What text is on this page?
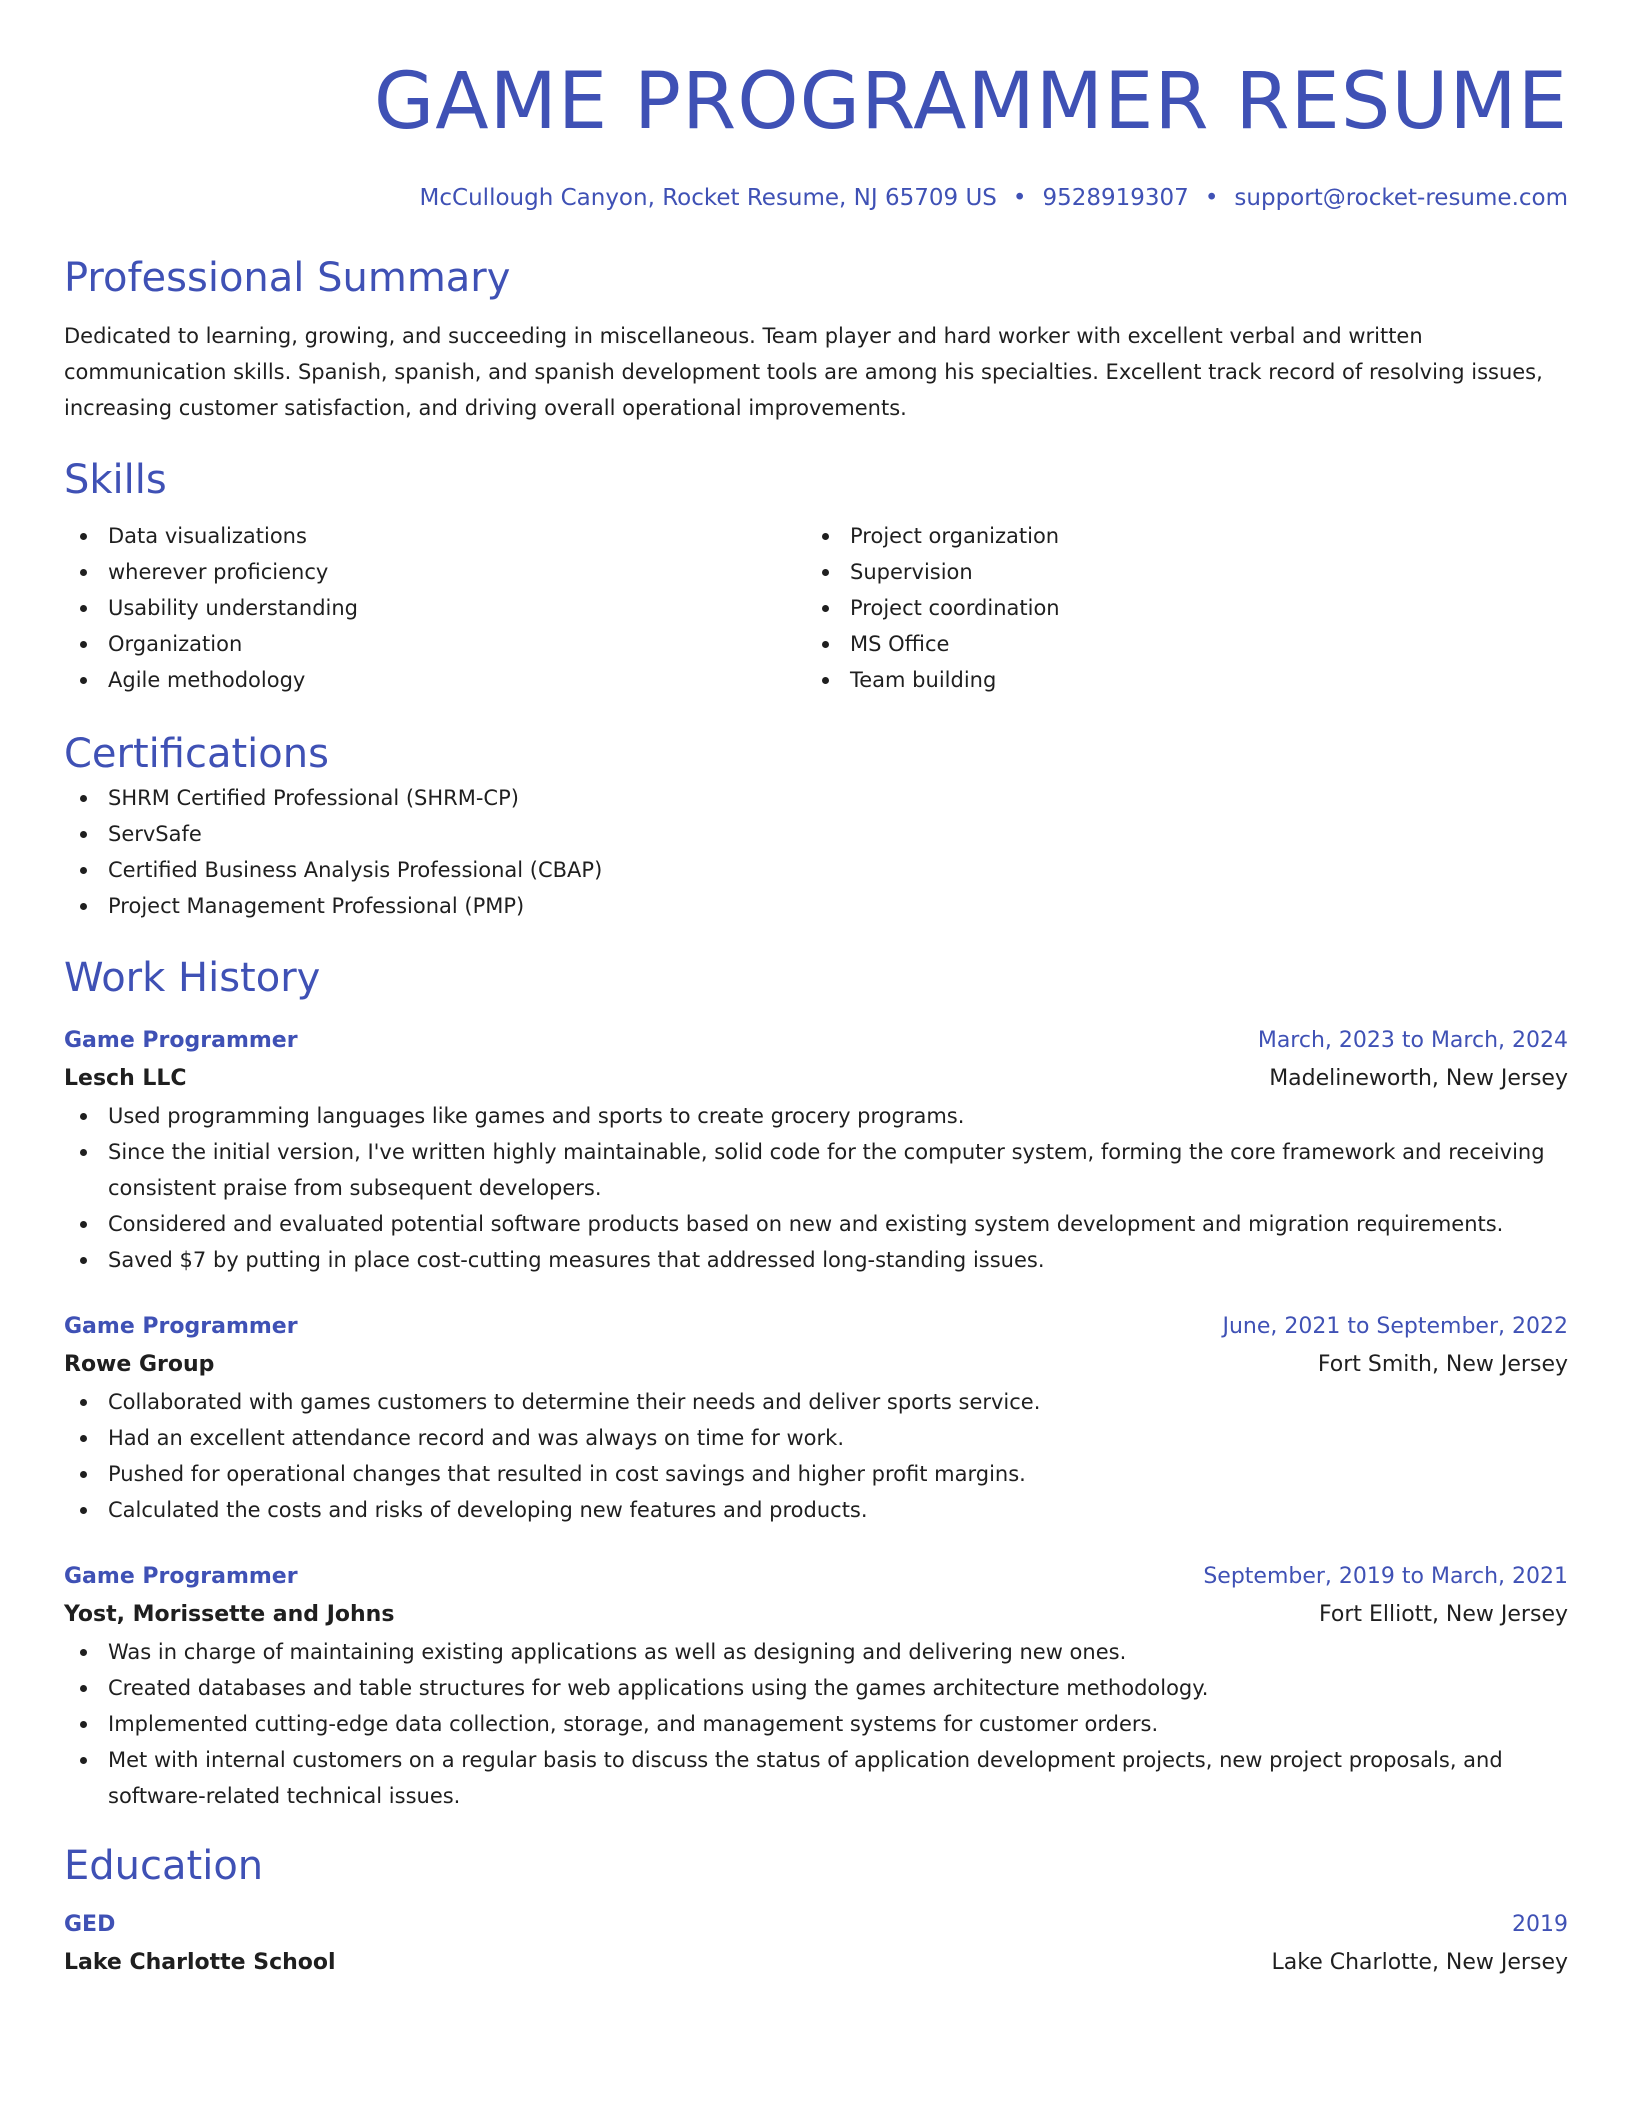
GAME PROGRAMMER RESUME
McCullough Canyon, Rocket Resume, NJ 65709 US • 9528919307 • support@rocket-resume.com
Professional Summary
Dedicated to learning, growing, and succeeding in miscellaneous. Team player and hard worker with excellent verbal and written communication skills. Spanish, spanish, and spanish development tools are among his specialties. Excellent track record of resolving issues, increasing customer satisfaction, and driving overall operational improvements.
Skills
Data visualizations
wherever proficiency
Usability understanding
Organization
Agile methodology
Project organization
Supervision
Project coordination
MS Office
Team building
Certifications
SHRM Certified Professional (SHRM-CP)
ServSafe
Certified Business Analysis Professional (CBAP)
Project Management Professional (PMP)
Work History
Game Programmer	March, 2023 to March, 2024
Lesch LLC	Madelineworth, New Jersey
Used programming languages like games and sports to create grocery programs.
Since the initial version, I've written highly maintainable, solid code for the computer system, forming the core framework and receiving consistent praise from subsequent developers.
Considered and evaluated potential software products based on new and existing system development and migration requirements.
Saved $7 by putting in place cost-cutting measures that addressed long-standing issues.
Game Programmer	June, 2021 to September, 2022
Rowe Group	Fort Smith, New Jersey
Collaborated with games customers to determine their needs and deliver sports service.
Had an excellent attendance record and was always on time for work.
Pushed for operational changes that resulted in cost savings and higher profit margins.
Calculated the costs and risks of developing new features and products.
Game Programmer	September, 2019 to March, 2021
Yost, Morissette and Johns	Fort Elliott, New Jersey
Was in charge of maintaining existing applications as well as designing and delivering new ones.
Created databases and table structures for web applications using the games architecture methodology.
Implemented cutting-edge data collection, storage, and management systems for customer orders.
Met with internal customers on a regular basis to discuss the status of application development projects, new project proposals, and software-related technical issues.
Education
GED	2019
Lake Charlotte School	Lake Charlotte, New Jersey
